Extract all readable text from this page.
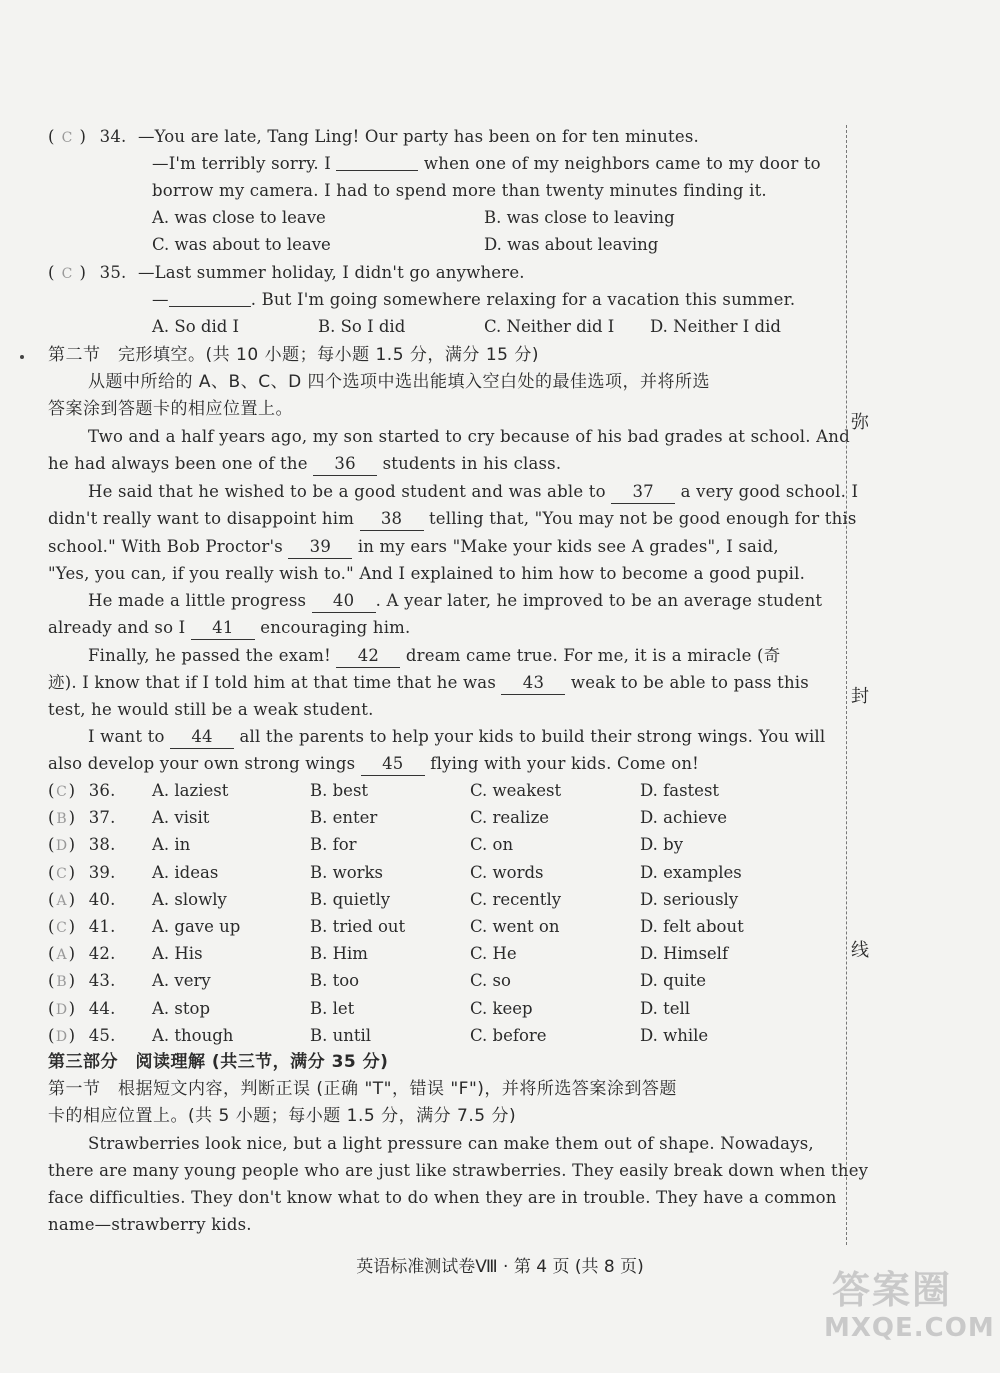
( C ) 34. —You are late, Tang Ling! Our party has been on for ten minutes.
—I'm terribly sorry. I	when one of my neighbors came to my door to
borrow my camera. I had to spend more than twenty minutes finding it.
A. was close to leave	B. was close to leaving
C. was about to leave	D. was about leaving
( C ) 35. —Last summer holiday, I didn't go anywhere.
—	. But I'm going somewhere relaxing for a vacation this summer.
A. So did I	B. So I did	C. Neither did I D. Neither I did
第二节　完形填空。(共 10 小题；每小题 1.5 分，满分 15 分)
从题中所给的 A、B、C、D 四个选项中选出能填入空白处的最佳选项，并将所选
答案涂到答题卡的相应位置上。
Two and a half years ago, my son started to cry because of his bad grades at school. And
he had always been one of the 36 students in his class.
He said that he wished to be a good student and was able to 37 a very good school. I
didn't really want to disappoint him 38 telling that, "You may not be good enough for this
school." With Bob Proctor's 39 in my ears "Make your kids see A grades", I said,
"Yes, you can, if you really wish to." And I explained to him how to become a good pupil.
He made a little progress 40 . A year later, he improved to be an average student
already and so I 41 encouraging him.
Finally, he passed the exam! 42 dream came true. For me, it is a miracle (奇
迹). I know that if I told him at that time that he was 43 weak to be able to pass this
test, he would still be a weak student.
I want to 44 all the parents to help your kids to build their strong wings. You will
also develop your own strong wings 45 flying with your kids. Come on!
( C) 36. A. laziest	B. best	C. weakest	D. fastest
( B ) 37. A. visit	B. enter	C. realize	D. achieve
(D) 38. A. in	B. for	C. on	D. by
( C) 39. A. ideas	B. works	C. words	D. examples
( A ) 40. A. slowly	B. quietly	C. recently	D. seriously
( C) 41. A. gave up	B. tried out	C. went on	D. felt about
( A ) 42. A. His	B. Him	C. He	D. Himself
( B ) 43. A. very	B. too	C. so	D. quite
(D) 44. A. stop	B. let	C. keep	D. tell
(D) 45. A. though	B. until	C. before	D. while
第三部分　阅读理解 (共三节，满分 35 分)
第一节　根据短文内容，判断正误 (正确 "T"，错误 "F")，并将所选答案涂到答题
卡的相应位置上。(共 5 小题；每小题 1.5 分，满分 7.5 分)
Strawberries look nice, but a light pressure can make them out of shape. Nowadays,
there are many young people who are just like strawberries. They easily break down when they
face difficulties. They don't know what to do when they are in trouble. They have a common
name—strawberry kids.
弥
封
线
英语标准测试卷Ⅷ · 第 4 页 (共 8 页)
答案圈
MXQE.COM
